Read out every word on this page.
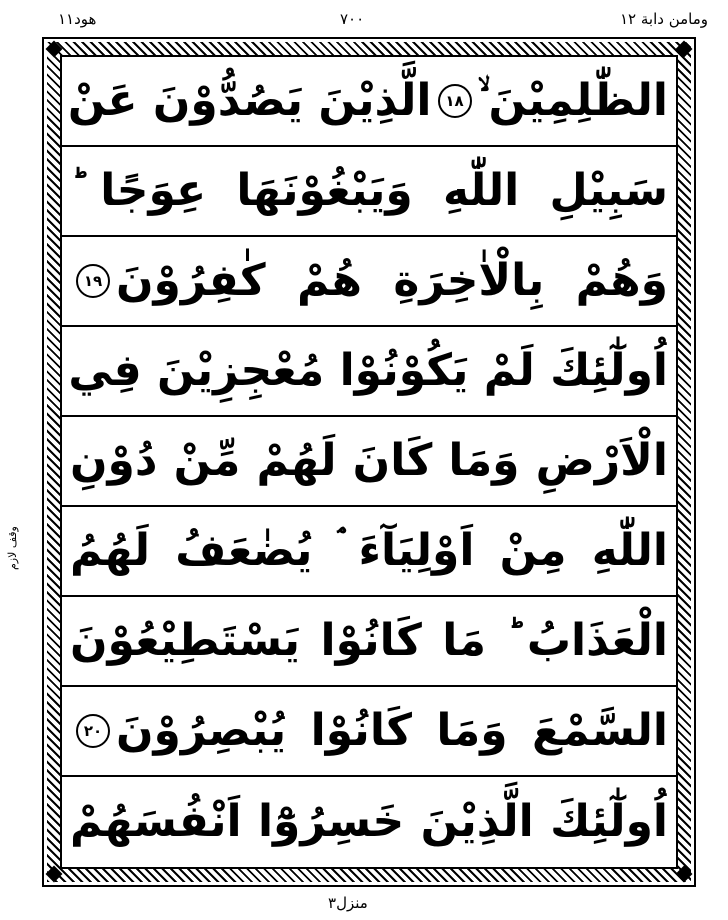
ومامن دابة ١٢
٧٠٠
هود١١
وقف لازم
الظّٰلِمِيْنَ ۙ
١٨
الَّذِيْنَ يَصُدُّوْنَ عَنْ
سَبِيْلِ اللّٰهِ وَيَبْغُوْنَهَا عِوَجًا ؕ
وَهُمْ بِالْاٰخِرَةِ هُمْ كٰفِرُوْنَ
١٩
اُولٰٓئِكَ لَمْ يَكُوْنُوْا مُعْجِزِيْنَ فِي
الْاَرْضِ وَمَا كَانَ لَهُمْ مِّنْ دُوْنِ
اللّٰهِ مِنْ اَوْلِيَآءَ ۘ يُضٰعَفُ لَهُمُ
الْعَذَابُ ؕ مَا كَانُوْا يَسْتَطِيْعُوْنَ
السَّمْعَ وَمَا كَانُوْا يُبْصِرُوْنَ
٢٠
اُولٰٓئِكَ الَّذِيْنَ خَسِرُوْٓا اَنْفُسَهُمْ
منزل٣
